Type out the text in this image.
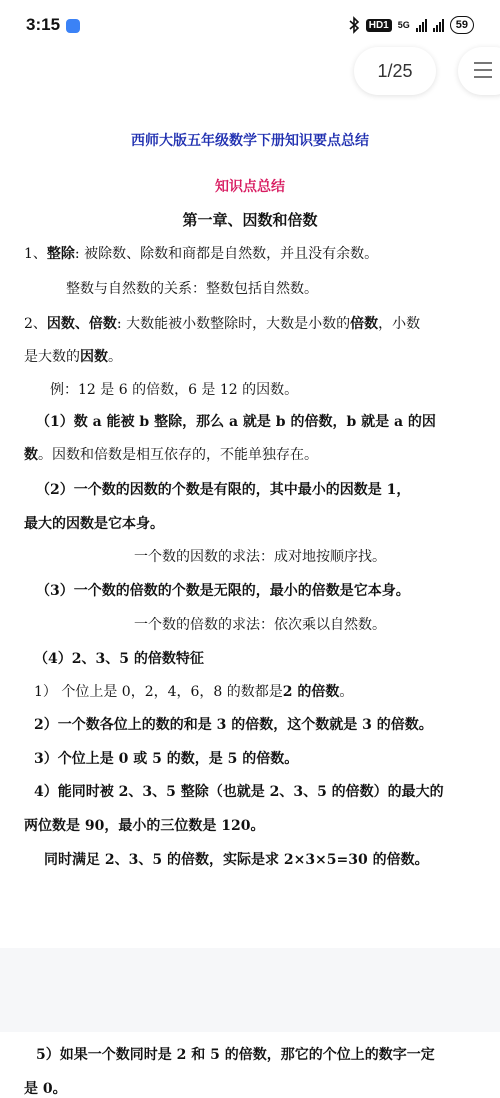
3:15	HD1	5G	59
1/25
西师大版五年级数学下册知识要点总结
知识点总结
第一章、因数和倍数
1、整除: 被除数、除数和商都是自然数，并且没有余数。
整数与自然数的关系：整数包括自然数。
2、因数、倍数: 大数能被小数整除时，大数是小数的倍数，小数
是大数的因数。
例：12 是 6 的倍数，6 是 12 的因数。
（1）数 a 能被 b 整除，那么 a 就是 b 的倍数，b 就是 a 的因
数。因数和倍数是相互依存的，不能单独存在。
（2）一个数的因数的个数是有限的，其中最小的因数是 1，
最大的因数是它本身。
一个数的因数的求法：成对地按顺序找。
（3）一个数的倍数的个数是无限的，最小的倍数是它本身。
一个数的倍数的求法：依次乘以自然数。
（4）2、3、5 的倍数特征
1） 个位上是 0，2，4，6，8 的数都是2 的倍数。
2）一个数各位上的数的和是 3 的倍数，这个数就是 3 的倍数。
3）个位上是 0 或 5 的数，是 5 的倍数。
4）能同时被 2、3、5 整除（也就是 2、3、5 的倍数）的最大的
两位数是 90，最小的三位数是 120。
同时满足 2、3、5 的倍数，实际是求 2×3×5=30 的倍数。
5）如果一个数同时是 2 和 5 的倍数，那它的个位上的数字一定
是 0。
